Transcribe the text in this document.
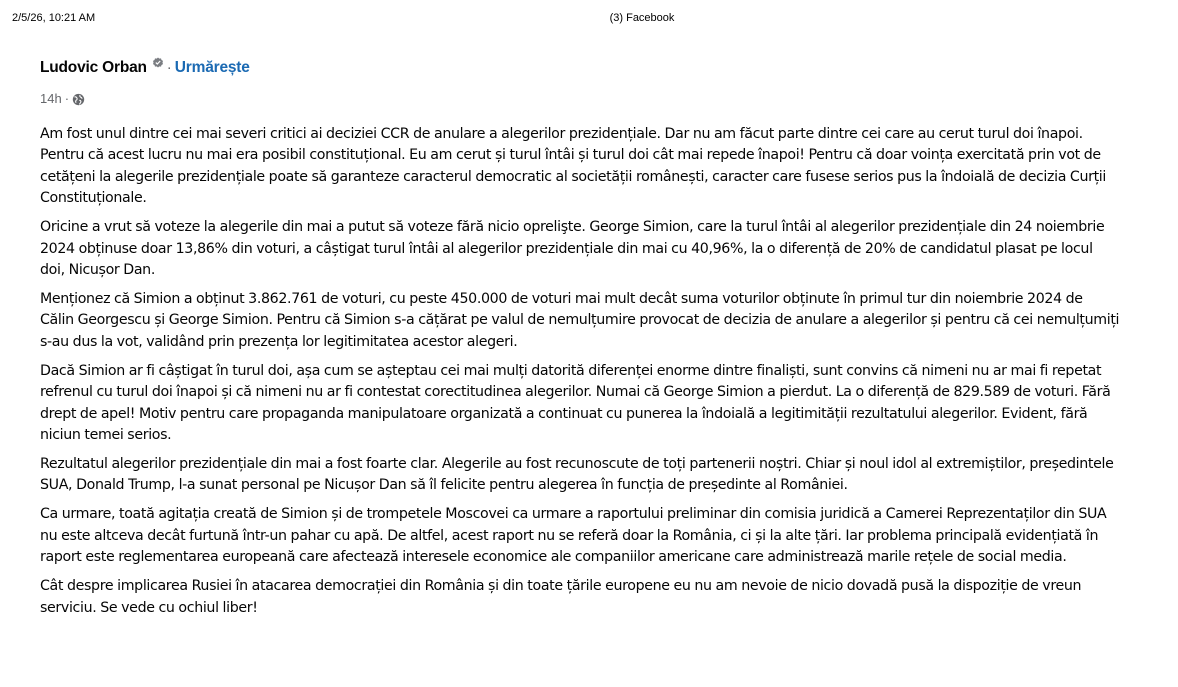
2/5/26, 10:21 AM	(3) Facebook
Ludovic Orban · Urmărește
14h ·

Am fost unul dintre cei mai severi critici ai deciziei CCR de anulare a alegerilor prezidențiale. Dar nu am făcut parte dintre cei care au cerut turul doi înapoi. Pentru că acest lucru nu mai era posibil constituțional. Eu am cerut și turul întâi și turul doi cât mai repede înapoi! Pentru că doar voința exercitată prin vot de cetățeni la alegerile prezidențiale poate să garanteze caracterul democratic al societății românești, caracter care fusese serios pus la îndoială de decizia Curții Constituționale.

Oricine a vrut să voteze la alegerile din mai a putut să voteze fără nicio oprelişte. George Simion, care la turul întâi al alegerilor prezidențiale din 24 noiembrie 2024 obținuse doar 13,86% din voturi, a câștigat turul întâi al alegerilor prezidențiale din mai cu 40,96%, la o diferență de 20% de candidatul plasat pe locul doi, Nicușor Dan.

Menționez că Simion a obținut 3.862.761 de voturi, cu peste 450.000 de voturi mai mult decât suma voturilor obținute în primul tur din noiembrie 2024 de Călin Georgescu și George Simion. Pentru că Simion s-a cățărat pe valul de nemulțumire provocat de decizia de anulare a alegerilor și pentru că cei nemulțumiți s-au dus la vot, validând prin prezența lor legitimitatea acestor alegeri.

Dacă Simion ar fi câștigat în turul doi, așa cum se așteptau cei mai mulți datorită diferenței enorme dintre finaliști, sunt convins că nimeni nu ar mai fi repetat refrenul cu turul doi înapoi și că nimeni nu ar fi contestat corectitudinea alegerilor. Numai că George Simion a pierdut. La o diferență de 829.589 de voturi. Fără drept de apel! Motiv pentru care propaganda manipulatoare organizată a continuat cu punerea la îndoială a legitimității rezultatului alegerilor. Evident, fără niciun temei serios.

Rezultatul alegerilor prezidențiale din mai a fost foarte clar. Alegerile au fost recunoscute de toți partenerii noștri. Chiar și noul idol al extremiștilor, președintele SUA, Donald Trump, l-a sunat personal pe Nicușor Dan să îl felicite pentru alegerea în funcția de președinte al României.

Ca urmare, toată agitația creată de Simion și de trompetele Moscovei ca urmare a raportului preliminar din comisia juridică a Camerei Reprezentaților din SUA nu este altceva decât furtună într-un pahar cu apă. De altfel, acest raport nu se referă doar la România, ci și la alte țări. Iar problema principală evidențiată în raport este reglementarea europeană care afectează interesele economice ale companiilor americane care administrează marile rețele de social media.

Cât despre implicarea Rusiei în atacarea democrației din România și din toate țările europene eu nu am nevoie de nicio dovadă pusă la dispoziție de vreun serviciu. Se vede cu ochiul liber!
